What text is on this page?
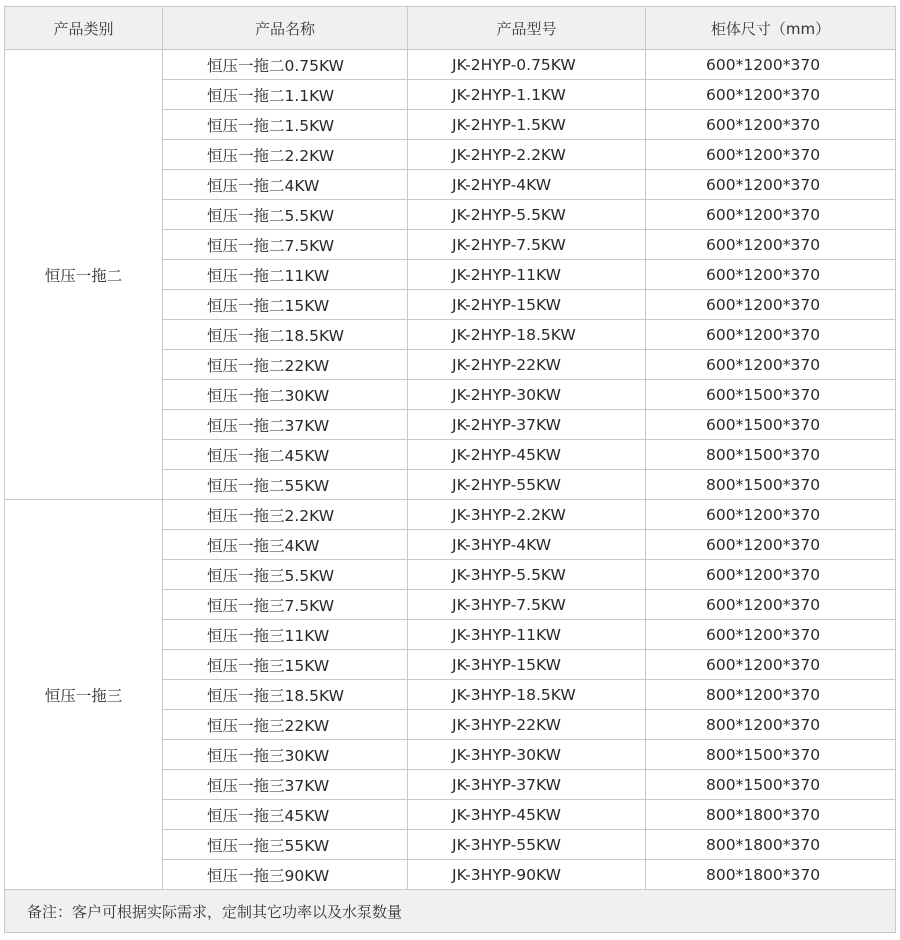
产品类别	产品名称	产品型号	柜体尺寸（mm）
恒压一拖二	恒压一拖二0.75KW	JK-2HYP-0.75KW	600*1200*370
	恒压一拖二1.1KW	JK-2HYP-1.1KW	600*1200*370
	恒压一拖二1.5KW	JK-2HYP-1.5KW	600*1200*370
	恒压一拖二2.2KW	JK-2HYP-2.2KW	600*1200*370
	恒压一拖二4KW	JK-2HYP-4KW	600*1200*370
	恒压一拖二5.5KW	JK-2HYP-5.5KW	600*1200*370
	恒压一拖二7.5KW	JK-2HYP-7.5KW	600*1200*370
	恒压一拖二11KW	JK-2HYP-11KW	600*1200*370
	恒压一拖二15KW	JK-2HYP-15KW	600*1200*370
	恒压一拖二18.5KW	JK-2HYP-18.5KW	600*1200*370
	恒压一拖二22KW	JK-2HYP-22KW	600*1200*370
	恒压一拖二30KW	JK-2HYP-30KW	600*1500*370
	恒压一拖二37KW	JK-2HYP-37KW	600*1500*370
	恒压一拖二45KW	JK-2HYP-45KW	800*1500*370
	恒压一拖二55KW	JK-2HYP-55KW	800*1500*370
恒压一拖三	恒压一拖三2.2KW	JK-3HYP-2.2KW	600*1200*370
	恒压一拖三4KW	JK-3HYP-4KW	600*1200*370
	恒压一拖三5.5KW	JK-3HYP-5.5KW	600*1200*370
	恒压一拖三7.5KW	JK-3HYP-7.5KW	600*1200*370
	恒压一拖三11KW	JK-3HYP-11KW	600*1200*370
	恒压一拖三15KW	JK-3HYP-15KW	600*1200*370
	恒压一拖三18.5KW	JK-3HYP-18.5KW	800*1200*370
	恒压一拖三22KW	JK-3HYP-22KW	800*1200*370
	恒压一拖三30KW	JK-3HYP-30KW	800*1500*370
	恒压一拖三37KW	JK-3HYP-37KW	800*1500*370
	恒压一拖三45KW	JK-3HYP-45KW	800*1800*370
	恒压一拖三55KW	JK-3HYP-55KW	800*1800*370
	恒压一拖三90KW	JK-3HYP-90KW	800*1800*370
备注：客户可根据实际需求，定制其它功率以及水泵数量			
